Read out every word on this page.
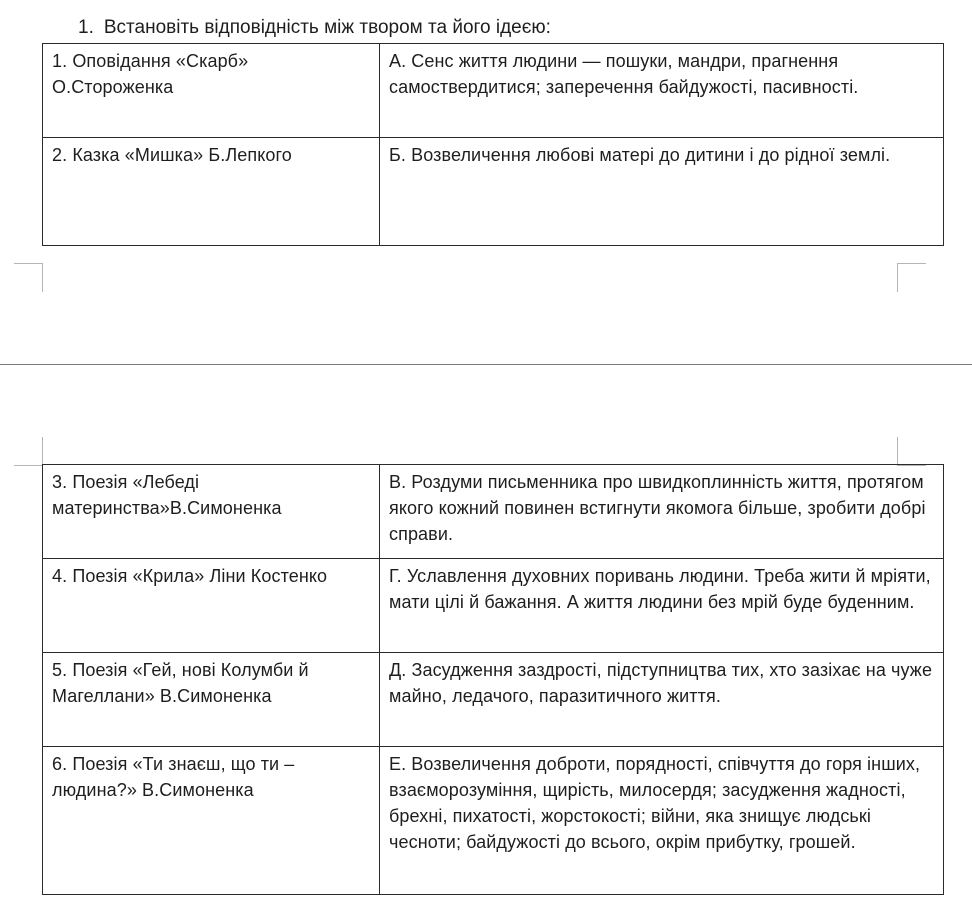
1. Встановіть відповідність між твором та його ідеєю:
1. Оповідання «Скарб» О.Стороженка	А. Сенс життя людини — пошуки, мандри, прагнення самоствердитися; заперечення байдужості, пасивності.
2. Казка «Мишка» Б.Лепкого	Б. Возвеличення любові матері до дитини і до рідної землі.
3. Поезія «Лебеді материнства»В.Симоненка	В. Роздуми письменника про швидкоплинність життя, протягом якого кожний повинен встигнути якомога більше, зробити добрі справи.
4. Поезія «Крила» Ліни Костенко	Г. Уславлення духовних поривань людини. Треба жити й мріяти, мати цілі й бажання. А життя людини без мрій буде буденним.
5. Поезія «Гей, нові Колумби й Магеллани» В.Симоненка	Д. Засудження заздрості, підступництва тих, хто зазіхає на чуже майно, ледачого, паразитичного життя.
6. Поезія «Ти знаєш, що ти – людина?» В.Симоненка	Е. Возвеличення доброти, порядності, співчуття до горя інших, взаєморозуміння, щирість, милосердя; засудження жадності, брехні, пихатості, жорстокості; війни, яка знищує людські чесноти; байдужості до всього, окрім прибутку, грошей.
